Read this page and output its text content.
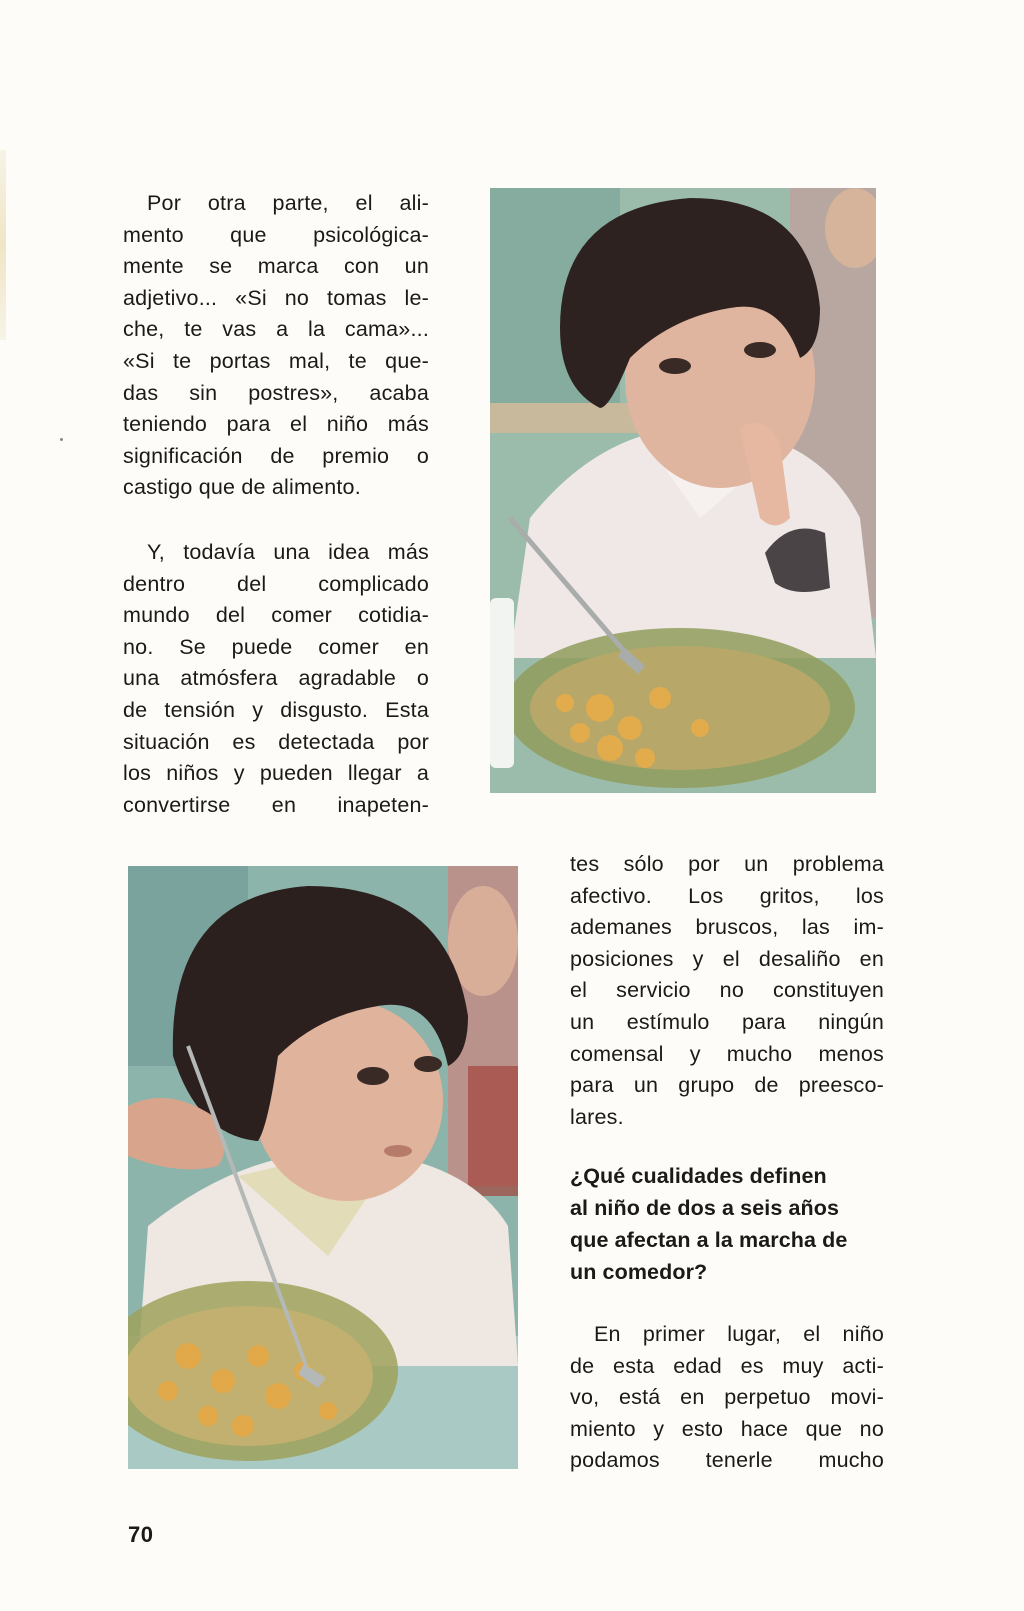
Por otra parte, el ali-
mento que psicológica-
mente se marca con un
adjetivo... «Si no tomas le-
che, te vas a la cama»...
«Si te portas mal, te que-
das sin postres», acaba
teniendo para el niño más
significación de premio o
castigo que de alimento.
Y, todavía una idea más
dentro del complicado
mundo del comer cotidia-
no. Se puede comer en
una atmósfera agradable o
de tensión y disgusto. Esta
situación es detectada por
los niños y pueden llegar a
convertirse en inapeten-
tes sólo por un problema
afectivo. Los gritos, los
ademanes bruscos, las im-
posiciones y el desaliño en
el servicio no constituyen
un estímulo para ningún
comensal y mucho menos
para un grupo de preesco-
lares.
¿Qué cualidades definen
al niño de dos a seis años
que afectan a la marcha de
un comedor?
En primer lugar, el niño
de esta edad es muy acti-
vo, está en perpetuo movi-
miento y esto hace que no
podamos tenerle mucho
70
